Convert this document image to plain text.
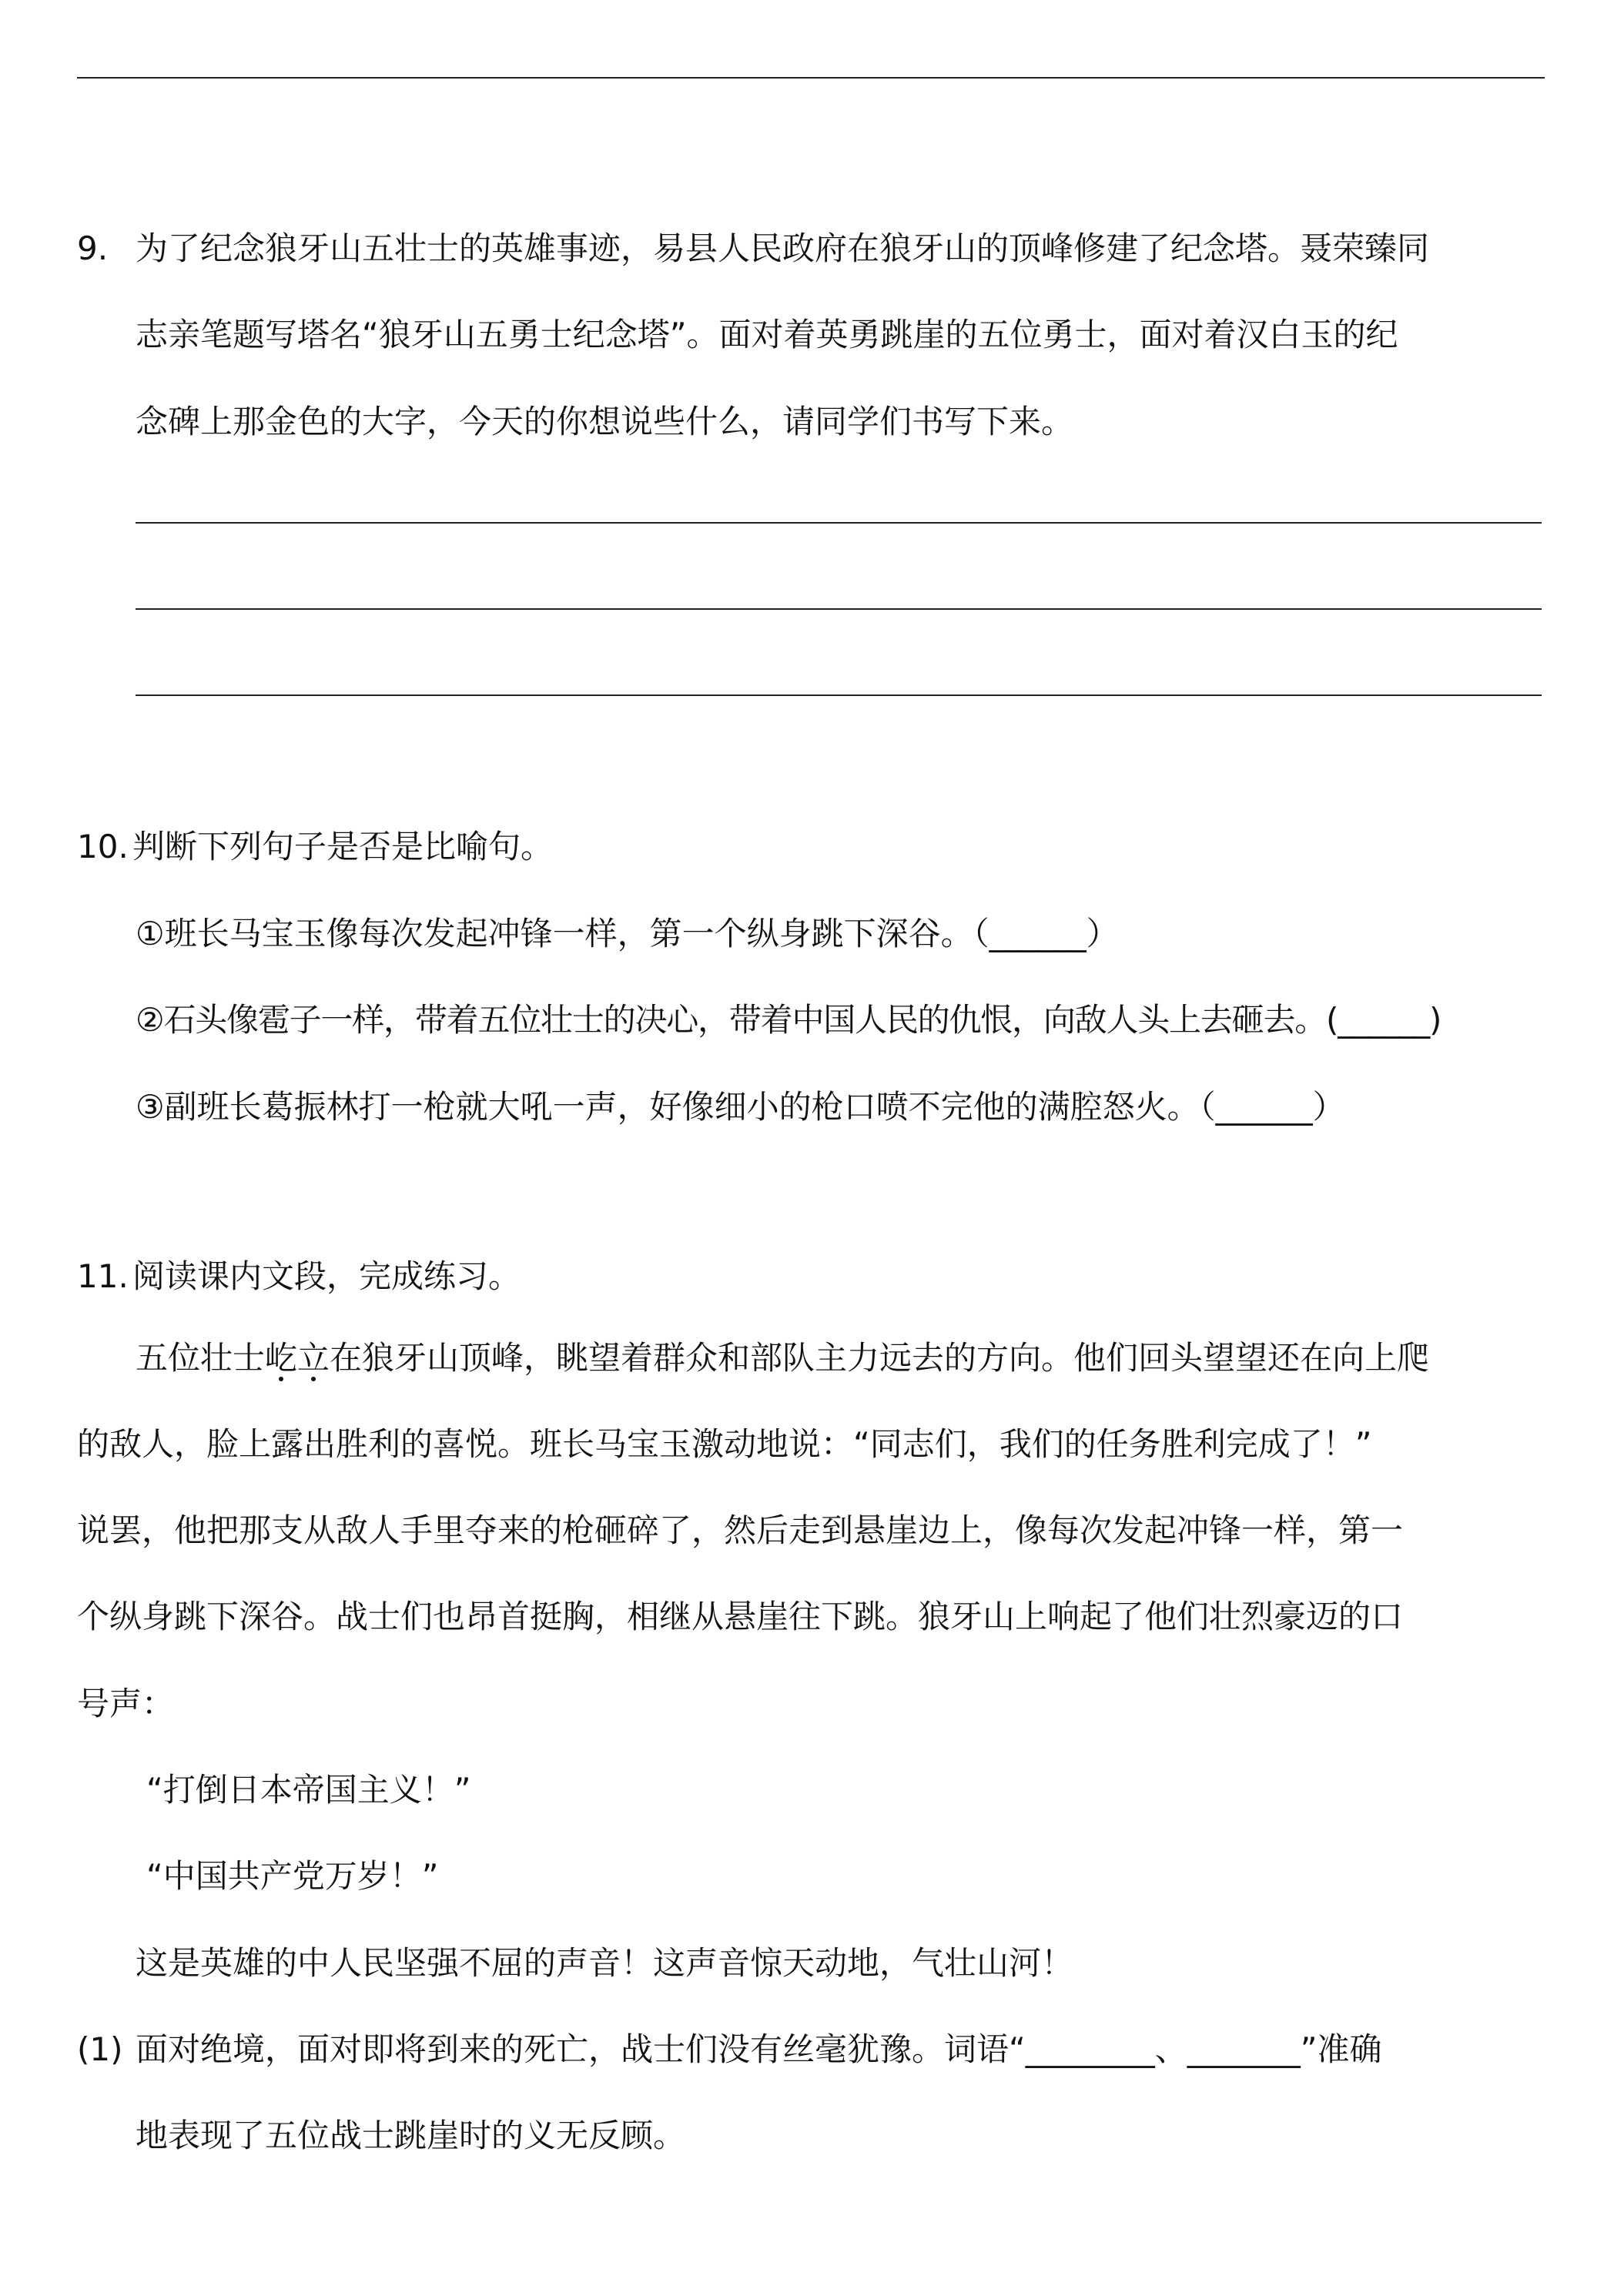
9. 为了纪念狼牙山五壮士的英雄事迹，易县人民政府在狼牙山的顶峰修建了纪念塔。聂荣臻同
志亲笔题写塔名“狼牙山五勇士纪念塔”。面对着英勇跳崖的五位勇士，面对着汉白玉的纪
念碑上那金色的大字，今天的你想说些什么，请同学们书写下来。
10. 判断下列句子是否是比喻句。
①班长马宝玉像每次发起冲锋一样，第一个纵身跳下深谷。（______）
②石头像雹子一样，带着五位壮士的决心，带着中国人民的仇恨，向敌人头上去砸去。(______)
③副班长葛振林打一枪就大吼一声，好像细小的枪口喷不完他的满腔怒火。（______）
11. 阅读课内文段，完成练习。
五位壮士屹立在狼牙山顶峰，眺望着群众和部队主力远去的方向。他们回头望望还在向上爬
的敌人，脸上露出胜利的喜悦。班长马宝玉激动地说：“同志们，我们的任务胜利完成了！”
说罢，他把那支从敌人手里夺来的枪砸碎了，然后走到悬崖边上，像每次发起冲锋一样，第一
个纵身跳下深谷。战士们也昂首挺胸，相继从悬崖往下跳。狼牙山上响起了他们壮烈豪迈的口
号声：
“打倒日本帝国主义！”
“中国共产党万岁！”
这是英雄的中人民坚强不屈的声音！这声音惊天动地，气壮山河！
(1) 面对绝境，面对即将到来的死亡，战士们没有丝毫犹豫。词语“________、_______”准确
地表现了五位战士跳崖时的义无反顾。
